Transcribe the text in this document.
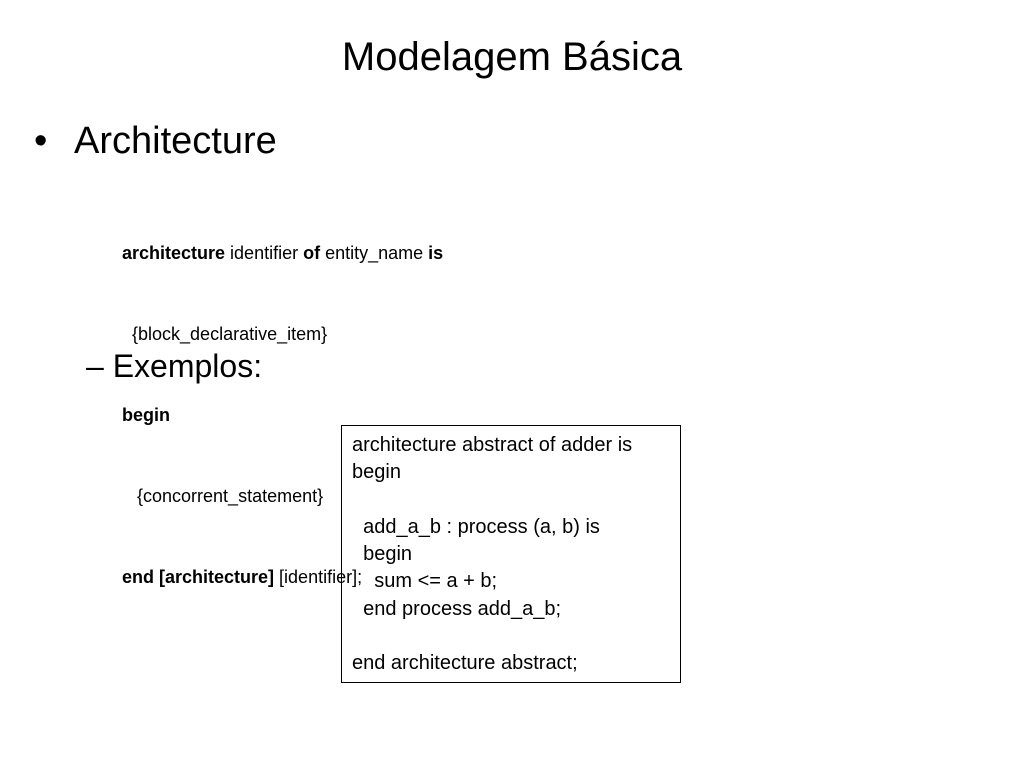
Modelagem Básica
• Architecture

architecture identifier of entity_name is

{block_declarative_item}

begin

{concorrent_statement}

end [architecture] [identifier];

– Exemplos:
architecture abstract of adder is
begin
add_a_b : process (a, b) is
begin
sum <= a + b;
end process add_a_b;
end architecture abstract;
